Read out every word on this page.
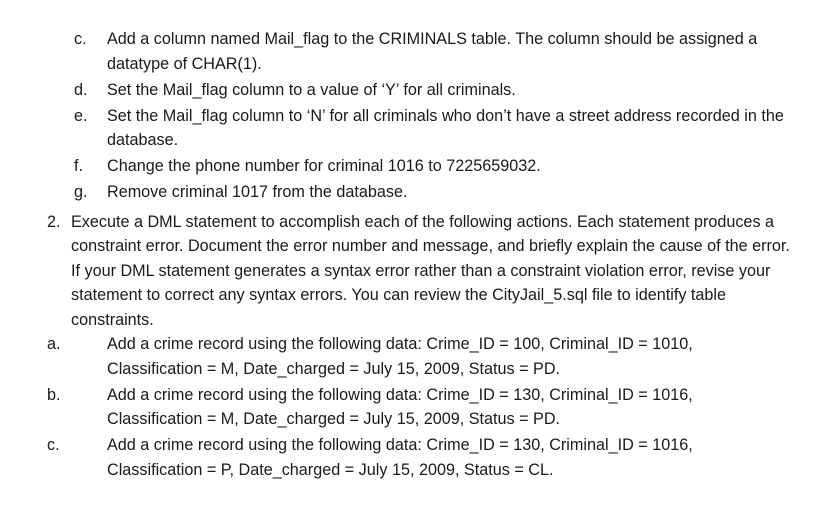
c. Add a column named Mail_flag to the CRIMINALS table. The column should be assigned a datatype of CHAR(1).
d. Set the Mail_flag column to a value of ‘Y’ for all criminals.
e. Set the Mail_flag column to ‘N’ for all criminals who don’t have a street address recorded in the database.
f. Change the phone number for criminal 1016 to 7225659032.
g. Remove criminal 1017 from the database.
2. Execute a DML statement to accomplish each of the following actions. Each statement produces a constraint error. Document the error number and message, and briefly explain the cause of the error. If your DML statement generates a syntax error rather than a constraint violation error, revise your statement to correct any syntax errors. You can review the CityJail_5.sql file to identify table constraints.
a.	Add a crime record using the following data: Crime_ID = 100, Criminal_ID = 1010, Classification = M, Date_charged = July 15, 2009, Status = PD.
b.	Add a crime record using the following data: Crime_ID = 130, Criminal_ID = 1016, Classification = M, Date_charged = July 15, 2009, Status = PD.
c.	Add a crime record using the following data: Crime_ID = 130, Criminal_ID = 1016, Classification = P, Date_charged = July 15, 2009, Status = CL.
